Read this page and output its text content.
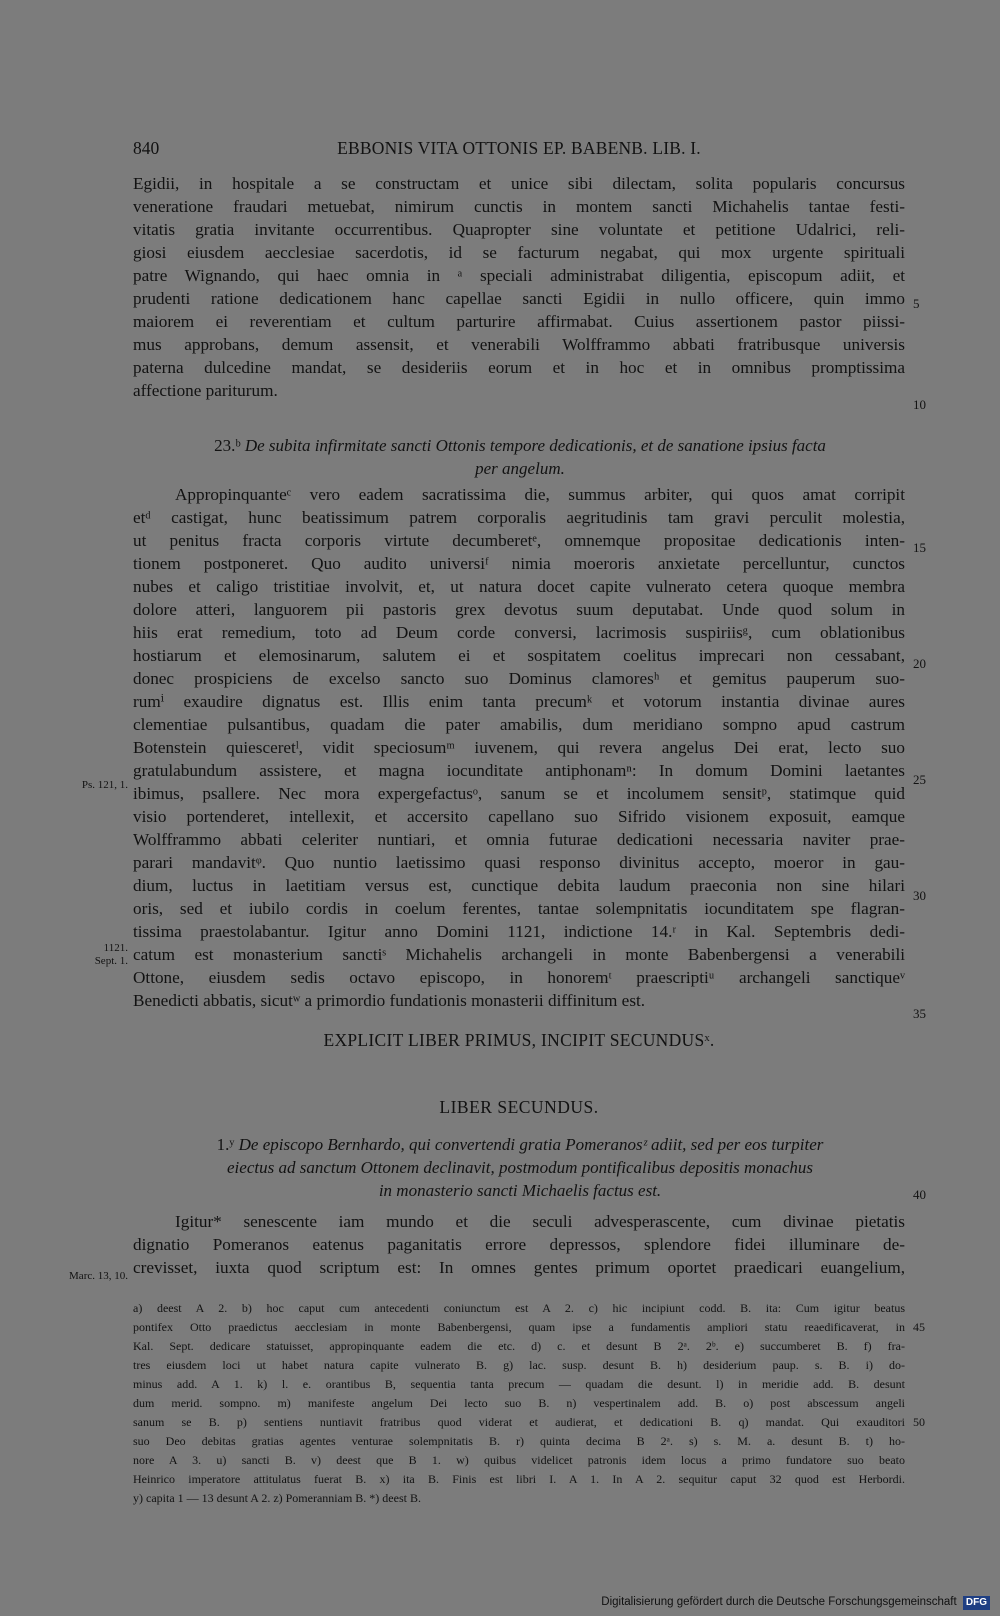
840	EBBONIS VITA OTTONIS EP. BABENB. LIB. I.
Egidii, in hospitale a se constructam et unice sibi dilectam, solita popularis concursus
veneratione fraudari metuebat, nimirum cunctis in montem sancti Michahelis tantae festi-
vitatis gratia invitante occurrentibus. Quapropter sine voluntate et petitione Udalrici, reli-
giosi eiusdem aecclesiae sacerdotis, id se facturum negabat, qui mox urgente spirituali
patre Wignando, qui haec omnia in ᵃ speciali administrabat diligentia, episcopum adiit, et
prudenti ratione dedicationem hanc capellae sancti Egidii in nullo officere, quin immo
maiorem ei reverentiam et cultum parturire affirmabat. Cuius assertionem pastor piissi-
mus approbans, demum assensit, et venerabili Wolfframmo abbati fratribusque universis
paterna dulcedine mandat, se desideriis eorum et in hoc et in omnibus promptissima
affectione pariturum.
23.ᵇ De subita infirmitate sancti Ottonis tempore dedicationis, et de sanatione ipsius facta
per angelum.
Appropinquanteᶜ vero eadem sacratissima die, summus arbiter, qui quos amat corripit
etᵈ castigat, hunc beatissimum patrem corporalis aegritudinis tam gravi perculit molestia,
ut penitus fracta corporis virtute decumberetᵉ, omnemque propositae dedicationis inten-
tionem postponeret. Quo audito universiᶠ nimia moeroris anxietate percelluntur, cunctos
nubes et caligo tristitiae involvit, et, ut natura docet capite vulnerato cetera quoque membra
dolore atteri, languorem pii pastoris grex devotus suum deputabat. Unde quod solum in
hiis erat remedium, toto ad Deum corde conversi, lacrimosis suspiriisᵍ, cum oblationibus
hostiarum et elemosinarum, salutem ei et sospitatem coelitus imprecari non cessabant,
donec prospiciens de excelso sancto suo Dominus clamoresʰ et gemitus pauperum suo-
rumⁱ exaudire dignatus est. Illis enim tanta precumᵏ et votorum instantia divinae aures
clementiae pulsantibus, quadam die pater amabilis, dum meridiano sompno apud castrum
Botenstein quiesceretˡ, vidit speciosumᵐ iuvenem, qui revera angelus Dei erat, lecto suo
gratulabundum assistere, et magna iocunditate antiphonamⁿ: In domum Domini laetantes
ibimus, psallere. Nec mora expergefactusᵒ, sanum se et incolumem sensitᵖ, statimque quid
visio portenderet, intellexit, et accersito capellano suo Sifrido visionem exposuit, eamque
Wolfframmo abbati celeriter nuntiari, et omnia futurae dedicationi necessaria naviter prae-
parari mandavitᵠ. Quo nuntio laetissimo quasi responso divinitus accepto, moeror in gau-
dium, luctus in laetitiam versus est, cunctique debita laudum praeconia non sine hilari
oris, sed et iubilo cordis in coelum ferentes, tantae solempnitatis iocunditatem spe flagran-
tissima praestolabantur. Igitur anno Domini 1121, indictione 14.ʳ in Kal. Septembris dedi-
catum est monasterium sanctiˢ Michahelis archangeli in monte Babenbergensi a venerabili
Ottone, eiusdem sedis octavo episcopo, in honoremᵗ praescriptiᵘ archangeli sanctiqueᵛ
Benedicti abbatis, sicutʷ a primordio fundationis monasterii diffinitum est.
EXPLICIT LIBER PRIMUS, INCIPIT SECUNDUSˣ.
LIBER SECUNDUS.
1.ʸ De episcopo Bernhardo, qui convertendi gratia Pomeranosᶻ adiit, sed per eos turpiter
eiectus ad sanctum Ottonem declinavit, postmodum pontificalibus depositis monachus
in monasterio sancti Michaelis factus est.
Igitur* senescente iam mundo et die seculi advesperascente, cum divinae pietatis
dignatio Pomeranos eatenus paganitatis errore depressos, splendore fidei illuminare de-
crevisset, iuxta quod scriptum est: In omnes gentes primum oportet praedicari euangelium,
5
10
15
20
25
30
35
40
Ps. 121, 1.
1121.
Sept. 1.
Marc. 13, 10.
a) deest A 2. b) hoc caput cum antecedenti coniunctum est A 2. c) hic incipiunt codd. B. ita: Cum igitur beatus
pontifex Otto praedictus aecclesiam in monte Babenbergensi, quam ipse a fundamentis ampliori statu reaedificaverat, in
Kal. Sept. dedicare statuisset, appropinquante eadem die etc. d) c. et desunt B 2ᵃ. 2ᵇ. e) succumberet B. f) fra-
tres eiusdem loci ut habet natura capite vulnerato B. g) lac. susp. desunt B. h) desiderium paup. s. B. i) do-
minus add. A 1. k) l. e. orantibus B, sequentia tanta precum — quadam die desunt. l) in meridie add. B. desunt
dum merid. sompno. m) manifeste angelum Dei lecto suo B. n) vespertinalem add. B. o) post abscessum angeli
sanum se B. p) sentiens nuntiavit fratribus quod viderat et audierat, et dedicationi B. q) mandat. Qui exauditori
suo Deo debitas gratias agentes venturae solempnitatis B. r) quinta decima B 2ᵃ. s) s. M. a. desunt B. t) ho-
nore A 3. u) sancti B. v) deest que B 1. w) quibus videlicet patronis idem locus a primo fundatore suo beato
Heinrico imperatore attitulatus fuerat B. x) ita B. Finis est libri I. A 1. In A 2. sequitur caput 32 quod est Herbordi.
y) capita 1 — 13 desunt A 2. z) Pomeranniam B. *) deest B.
45
50
Digitalisierung gefördert durch die Deutsche Forschungsgemeinschaft DFG
